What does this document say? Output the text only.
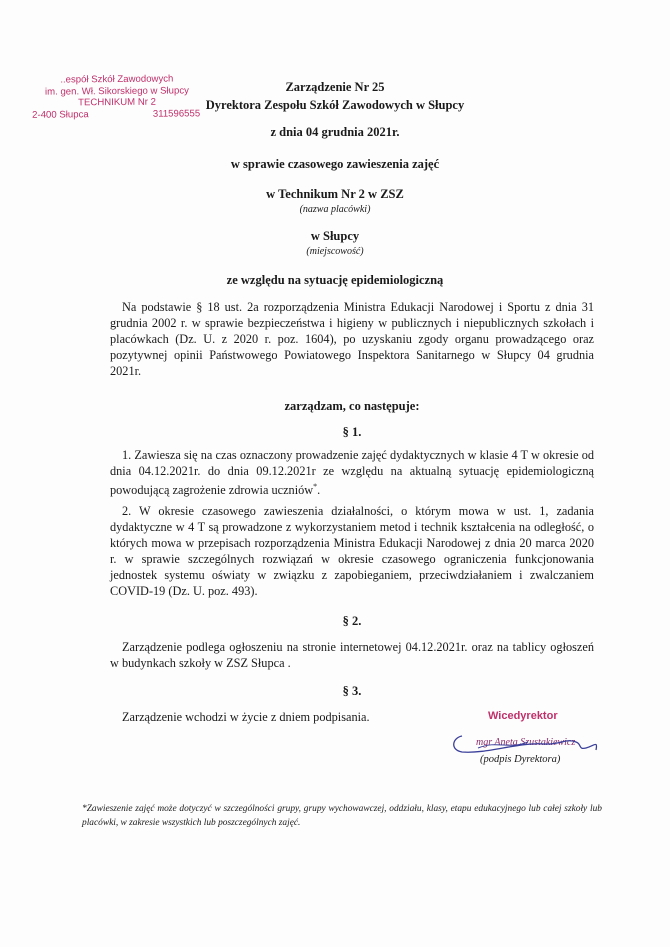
..espół Szkół Zawodowych
im. gen. Wł. Sikorskiego w Słupcy
TECHNIKUM Nr 2
2-400 Słupca	311596555
Zarządzenie Nr 25
Dyrektora Zespołu Szkół Zawodowych w Słupcy
z dnia 04 grudnia 2021r.
w sprawie czasowego zawieszenia zajęć
w Technikum Nr 2 w ZSZ
(nazwa placówki)
w Słupcy
(miejscowość)
ze względu na sytuację epidemiologiczną

Na podstawie § 18 ust. 2a rozporządzenia Ministra Edukacji Narodowej i Sportu z dnia 31 grudnia 2002 r. w sprawie bezpieczeństwa i higieny w publicznych i niepublicznych szkołach i placówkach (Dz. U. z 2020 r. poz. 1604), po uzyskaniu zgody organu prowadzącego oraz pozytywnej opinii Państwowego Powiatowego Inspektora Sanitarnego w Słupcy 04 grudnia 2021r.

zarządzam, co następuje:
§ 1.

1. Zawiesza się na czas oznaczony prowadzenie zajęć dydaktycznych w klasie 4 T w okresie od dnia 04.12.2021r. do dnia 09.12.2021r ze względu na aktualną sytuację epidemiologiczną powodującą zagrożenie zdrowia uczniów*.

2. W okresie czasowego zawieszenia działalności, o którym mowa w ust. 1, zadania dydaktyczne w 4 T są prowadzone z wykorzystaniem metod i technik kształcenia na odległość, o których mowa w przepisach rozporządzenia Ministra Edukacji Narodowej z dnia 20 marca 2020 r. w sprawie szczególnych rozwiązań w okresie czasowego ograniczenia funkcjonowania jednostek systemu oświaty w związku z zapobieganiem, przeciwdziałaniem i zwalczaniem COVID-19 (Dz. U. poz. 493).

§ 2.

Zarządzenie podlega ogłoszeniu na stronie internetowej 04.12.2021r. oraz na tablicy ogłoszeń w budynkach szkoły w ZSZ Słupca .

§ 3.

Zarządzenie wchodzi w życie z dniem podpisania.	Wicedyrektor
mgr Aneta Szustakiewicz
(podpis Dyrektora)
*Zawieszenie zajęć może dotyczyć w szczególności grupy, grupy wychowawczej, oddziału, klasy, etapu edukacyjnego lub całej szkoły lub placówki, w zakresie wszystkich lub poszczególnych zajęć.
